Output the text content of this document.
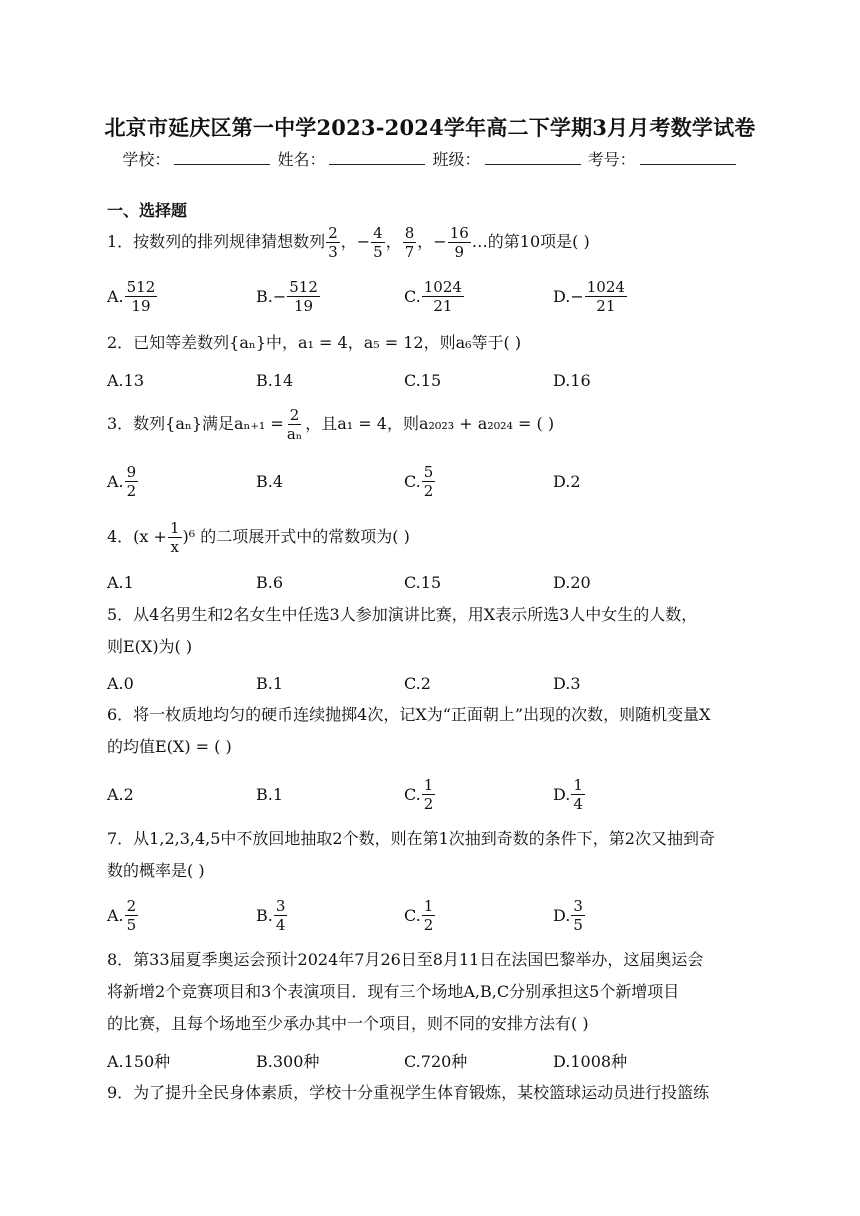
北京市延庆区第一中学2023-2024学年高二下学期3月月考数学试卷
学校：	姓名：	班级：	考号：
一、选择题
1．按数列的排列规律猜想数列 $\frac{2}{3}$ ，− $\frac{4}{5}$ ， $\frac{8}{7}$ ，− $\frac{16}{9}$ …的第10项是( )
A. $\frac{512}{19}$	$B.- \frac{512}{19}$	C. $\frac{1024}{21}$	$D.- \frac{1024}{21}$
2．已知等差数列{aₙ}中，a₁ = 4，a₅ = 12，则a₆等于( )
A.13	B.14	C.15	D.16
3．数列{aₙ}满足$a_{n+1} = \frac{2}{\text{aₙ}}$ ，且a₁ = 4，则a₂₀₂₃ + a₂₀₂₄ = ( )
A. $\frac{9}{2}$	B.4	C. $\frac{5}{2}$	D.2
4．$(x + \frac{1}{x} )^6$ 的二项展开式中的常数项为( )
A.1	B.6	C.15	D.20
5．从4名男生和2名女生中任选3人参加演讲比赛，用X表示所选3人中女生的人数，
则E(X)为( )
A.0	B.1	C.2	D.3
6．将一枚质地均匀的硬币连续抛掷4次，记X为“正面朝上”出现的次数，则随机变量X
的均值E(X) = ( )
A.2	B.1	C. $\frac{1}{2}$	D. $\frac{1}{4}$
7．从1,2,3,4,5中不放回地抽取2个数，则在第1次抽到奇数的条件下，第2次又抽到奇
数的概率是( )
A. $\frac{2}{5}$	B. $\frac{3}{4}$	C. $\frac{1}{2}$	D. $\frac{3}{5}$
8．第33届夏季奥运会预计2024年7月26日至8月11日在法国巴黎举办，这届奥运会
将新增2个竞赛项目和3个表演项目．现有三个场地A,B,C分别承担这5个新增项目
的比赛，且每个场地至少承办其中一个项目，则不同的安排方法有( )
A.150种	B.300种	C.720种	D.1008种
9．为了提升全民身体素质，学校十分重视学生体育锻炼，某校篮球运动员进行投篮练
